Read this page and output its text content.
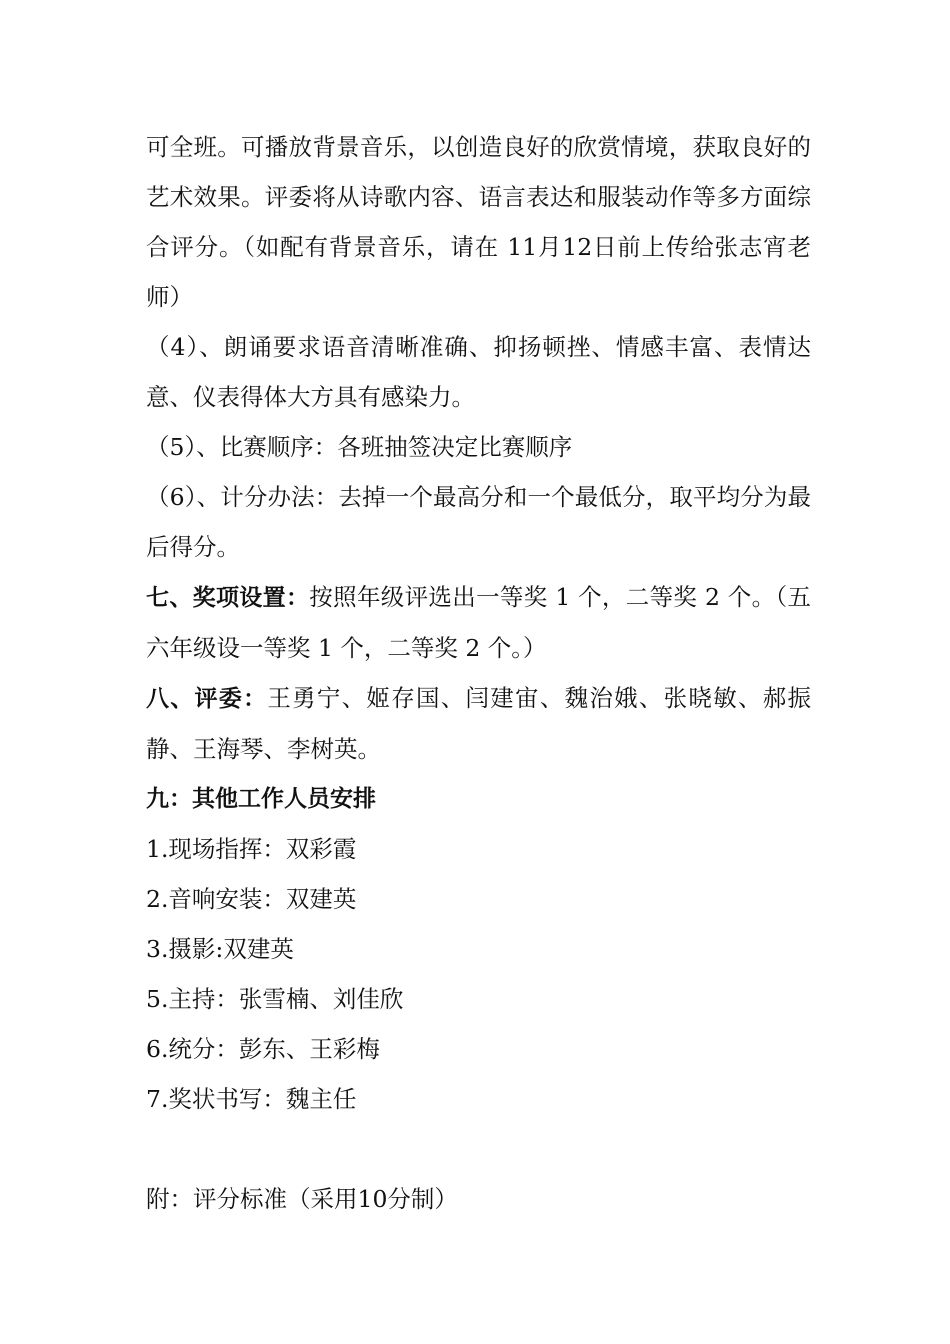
可全班。可播放背景音乐，以创造良好的欣赏情境，获取良好的艺术效果。评委将从诗歌内容、语言表达和服装动作等多方面综合评分。（如配有背景音乐，请在 11月12日前上传给张志宵老师）

（4）、朗诵要求语音清晰准确、抑扬顿挫、情感丰富、表情达意、仪表得体大方具有感染力。

（5）、比赛顺序：各班抽签决定比赛顺序

（6）、计分办法：去掉一个最高分和一个最低分，取平均分为最后得分。

七、奖项设置：按照年级评选出一等奖 1 个，二等奖 2 个。（五六年级设一等奖 1 个，二等奖 2 个。）

八、评委：王勇宁、姬存国、闫建宙、魏治娥、张晓敏、郝振静、王海琴、李树英。

九：其他工作人员安排

1.现场指挥：双彩霞

2.音响安装：双建英

3.摄影:双建英

5.主持：张雪楠、刘佳欣

6.统分：彭东、王彩梅

7.奖状书写：魏主任

附：评分标准（采用10分制）
